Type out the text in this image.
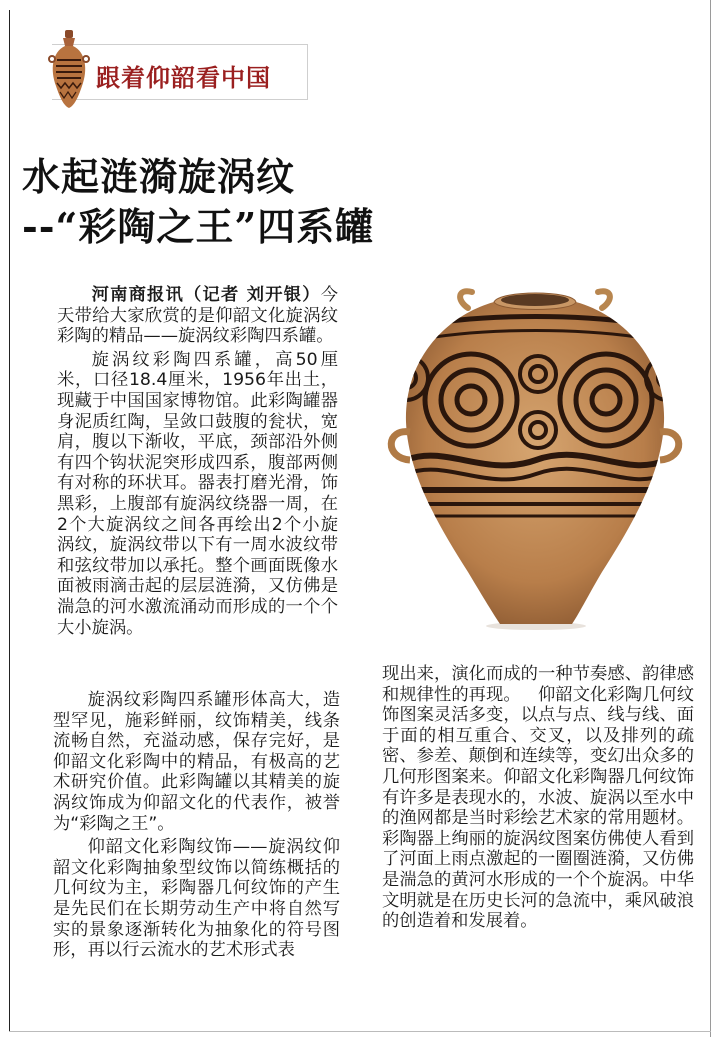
跟着仰韶看中国
水起涟漪旋涡纹
--“彩陶之王”四系罐

河南商报讯（记者 刘开银）今天带给大家欣赏的是仰韶文化旋涡纹彩陶的精品——旋涡纹彩陶四系罐。

旋涡纹彩陶四系罐，高50厘米，口径18.4厘米，1956年出土，现藏于中国国家博物馆。此彩陶罐器身泥质红陶，呈敛口鼓腹的瓮状，宽肩，腹以下渐收，平底，颈部沿外侧有四个钩状泥突形成四系，腹部两侧有对称的环状耳。器表打磨光滑，饰黑彩，上腹部有旋涡纹绕器一周，在2个大旋涡纹之间各再绘出2个小旋涡纹，旋涡纹带以下有一周水波纹带和弦纹带加以承托。整个画面既像水面被雨滴击起的层层涟漪，又仿佛是湍急的河水激流涌动而形成的一个个大小旋涡。

旋涡纹彩陶四系罐形体高大，造型罕见，施彩鲜丽，纹饰精美，线条流畅自然，充溢动感，保存完好，是仰韶文化彩陶中的精品，有极高的艺术研究价值。此彩陶罐以其精美的旋涡纹饰成为仰韶文化的代表作，被誉为“彩陶之王”。

仰韶文化彩陶纹饰——旋涡纹仰韶文化彩陶抽象型纹饰以简练概括的几何纹为主，彩陶器几何纹饰的产生是先民们在长期劳动生产中将自然写实的景象逐渐转化为抽象化的符号图形，再以行云流水的艺术形式表

现出来，演化而成的一种节奏感、韵律感和规律性的再现。  仰韶文化彩陶几何纹饰图案灵活多变，以点与点、线与线、面于面的相互重合、交叉，以及排列的疏密、参差、颠倒和连续等，变幻出众多的几何形图案来。仰韶文化彩陶器几何纹饰有许多是表现水的，水波、旋涡以至水中的渔网都是当时彩绘艺术家的常用题材。彩陶器上绚丽的旋涡纹图案仿佛使人看到了河面上雨点激起的一圈圈涟漪，又仿佛是湍急的黄河水形成的一个个旋涡。中华文明就是在历史长河的急流中，乘风破浪的创造着和发展着。
